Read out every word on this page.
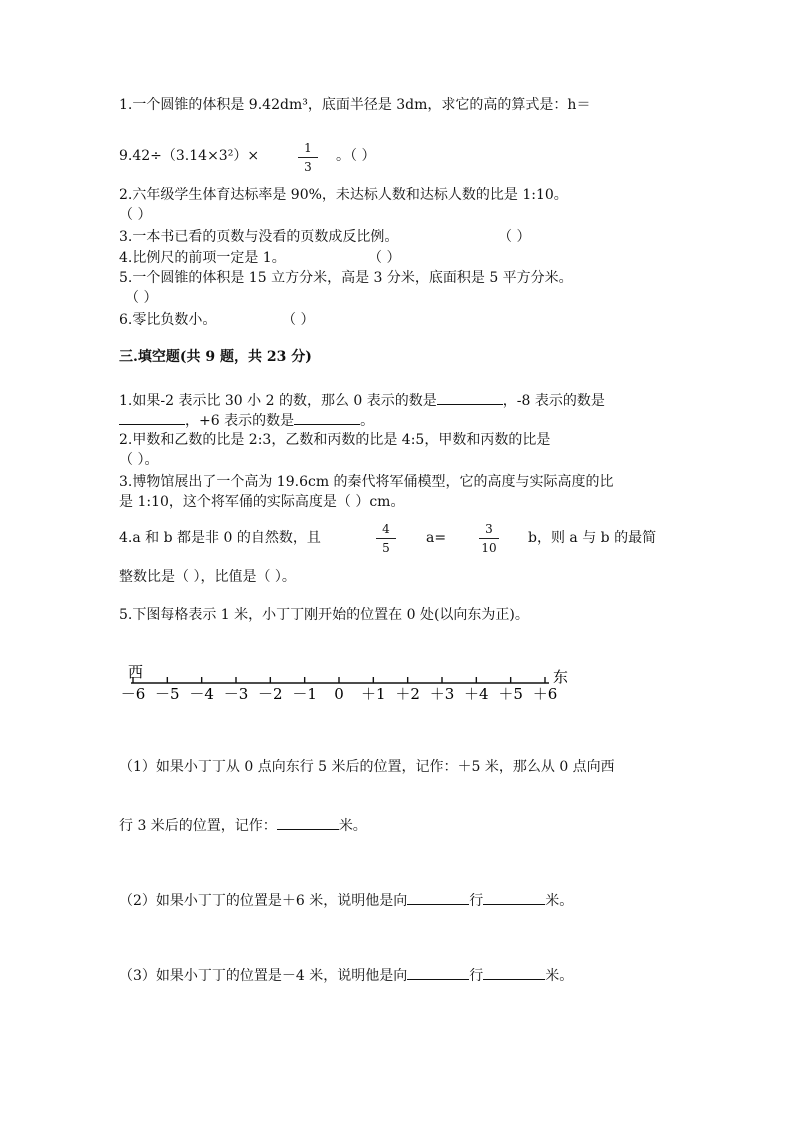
1.一个圆锥的体积是 9.42dm³，底面半径是 3dm，求它的高的算式是：h＝
9.42÷（3.14×3²）×	1
3
。（ ）
2.六年级学生体育达标率是 90%，未达标人数和达标人数的比是 1:10。
（ ）
3.一本书已看的页数与没看的页数成反比例。	（ ）
4.比例尺的前项一定是 1。	（ ）
5.一个圆锥的体积是 15 立方分米，高是 3 分米，底面积是 5 平方分米。
（ ）
6.零比负数小。	（ ）
三.填空题(共 9 题，共 23 分)
1.如果-2 表示比 30 小 2 的数，那么 0 表示的数是	，-8 表示的数是
，+6 表示的数是	。
2.甲数和乙数的比是 2:3，乙数和丙数的比是 4:5，甲数和丙数的比是
（ ）。
3.博物馆展出了一个高为 19.6cm 的秦代将军俑模型，它的高度与实际高度的比
是 1:10，这个将军俑的实际高度是（ ）cm。
4.a 和 b 都是非 0 的自然数，且
4
5
a=
3
10
b，则 a 与 b 的最简
整数比是（ ），比值是（ ）。
5.下图每格表示 1 米，小丁丁刚开始的位置在 0 处(以向东为正)。
西	东
－6 －5 －4 －3 －2 －1 0 ＋1 ＋2 ＋3 ＋4 ＋5 ＋6
（1）如果小丁丁从 0 点向东行 5 米后的位置，记作：＋5 米，那么从 0 点向西
行 3 米后的位置，记作：	米。
（2）如果小丁丁的位置是＋6 米，说明他是向	行	米。
（3）如果小丁丁的位置是－4 米，说明他是向	行	米。
